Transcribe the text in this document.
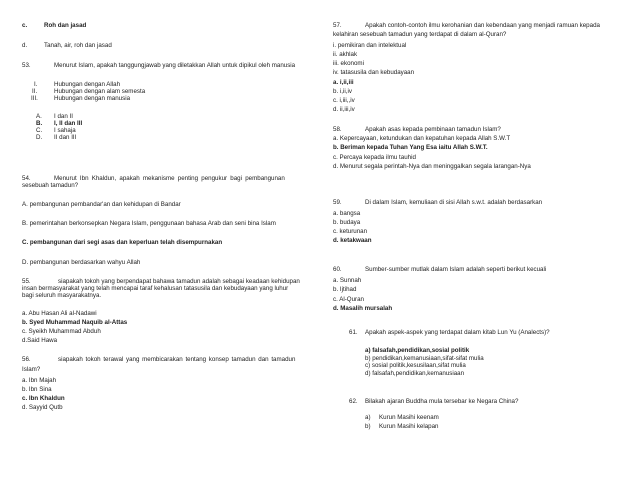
c.	Roh dan jasad
d.	Tanah, air, roh dan jasad
53.	Menurut Islam, apakah tanggungjawab yang diletakkan Allah untuk dipikul oleh manusia
I.	Hubungan dengan Allah
II.	Hubungan dengan alam semesta
III.	Hubungan dengan manusia
A. I dan II
B. I, II dan III
C. I sahaja
D. II dan III
54.	Menurut Ibn Khaldun, apakah mekanisme penting pengukur bagi pembangunan
sesebuah tamadun?
A. pembangunan pembandar'an dan kehidupan di Bandar
B. pemerintahan berkonsepkan Negara Islam, penggunaan bahasa Arab dan seni bina Islam
C. pembangunan dari segi asas dan keperluan telah disempurnakan
D. pembangunan berdasarkan wahyu Allah
55.	siapakah tokoh yang berpendapat bahawa tamadun adalah sebagai keadaan kehidupan
insan bermasyarakat yang telah mencapai taraf kehalusan tatasusila dan kebudayaan yang luhur
bagi seluruh masyarakatnya.
a. Abu Hasan Ali al-Nadawi
b. Syed Muhammad Naquib al-Attas
c. Syeikh Muhammad Abduh
d.Said Hawa
56.	siapakah tokoh terawal yang membicarakan tentang konsep tamadun dan tamadun
Islam?
a. Ibn Majah
b. Ibn Sina
c. Ibn Khaldun
d. Sayyid Qutb
57.	Apakah contoh-contoh ilmu kerohanian dan kebendaan yang menjadi ramuan kepada
kelahiran sesebuah tamadun yang terdapat di dalam al-Quran?
i. pemikiran dan intelektual
ii. akhlak
iii. ekonomi
iv. tatasusila dan kebudayaan
a. i,ii,iii
b. i,ii,iv
c. i,iii,,iv
d. ii,iii,iv
58.	Apakah asas kepada pembinaan tamadun Islam?
a. Kepercayaan, ketundukan dan kepatuhan kepada Allah S.W.T
b. Beriman kepada Tuhan Yang Esa iaitu Allah S.W.T.
c. Percaya kepada ilmu tauhid
d. Menurut segala perintah-Nya dan meninggalkan segala larangan-Nya
59.	Di dalam Islam, kemuliaan di sisi Allah s.w.t. adalah berdasarkan
a. bangsa
b. budaya
c. keturunan
d. ketakwaan
60.	Sumber-sumber mutlak dalam Islam adalah seperti berikut kecuali
a. Sunnah
b. Ijtihad
c. Al-Quran
d. Masalih mursalah
61. Apakah aspek-aspek yang terdapat dalam kitab Lun Yu (Analects)?
a) falsafah,pendidikan,sosial politik
b) pendidikan,kemanusiaan,sifat-sifat mulia
c) sosial politik,kesusilaan,sifat mulia
d) falsafah,pendidikan,kemanusiaan
62. Bilakah ajaran Buddha mula tersebar ke Negara China?
a) Kurun Masihi keenam
b) Kurun Masihi kelapan
